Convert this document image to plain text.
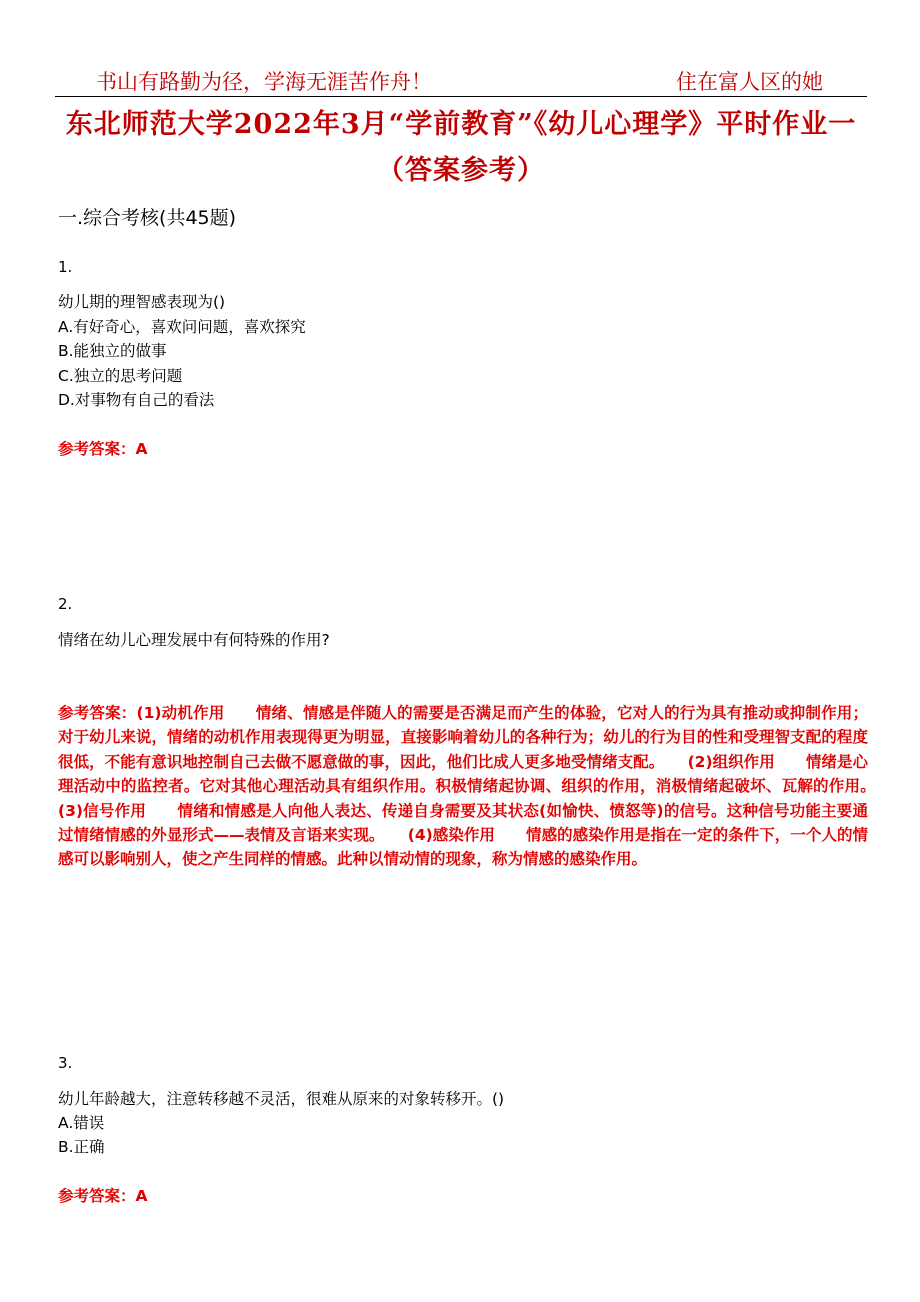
书山有路勤为径，学海无涯苦作舟！	住在富人区的她
东北师范大学2022年3月“学前教育”《幼儿心理学》平时作业一（答案参考）
一.综合考核(共45题)
1.
幼儿期的理智感表现为()
A.有好奇心，喜欢问问题，喜欢探究
B.能独立的做事
C.独立的思考问题
D.对事物有自己的看法
参考答案：A
2.
情绪在幼儿心理发展中有何特殊的作用?
参考答案：(1)动机作用　　情绪、情感是伴随人的需要是否满足而产生的体验，它对人的行为具有推动或抑制作用；对于幼儿来说，情绪的动机作用表现得更为明显，直接影响着幼儿的各种行为；幼儿的行为目的性和受理智支配的程度很低，不能有意识地控制自己去做不愿意做的事，因此，他们比成人更多地受情绪支配。　　(2)组织作用　　情绪是心理活动中的监控者。它对其他心理活动具有组织作用。积极情绪起协调、组织的作用，消极情绪起破坏、瓦解的作用。　　(3)信号作用　　情绪和情感是人向他人表达、传递自身需要及其状态(如愉快、愤怒等)的信号。这种信号功能主要通过情绪情感的外显形式——表情及言语来实现。　　(4)感染作用　　情感的感染作用是指在一定的条件下，一个人的情感可以影响别人，使之产生同样的情感。此种以情动情的现象，称为情感的感染作用。
3.
幼儿年龄越大，注意转移越不灵活，很难从原来的对象转移开。()
A.错误
B.正确
参考答案：A
